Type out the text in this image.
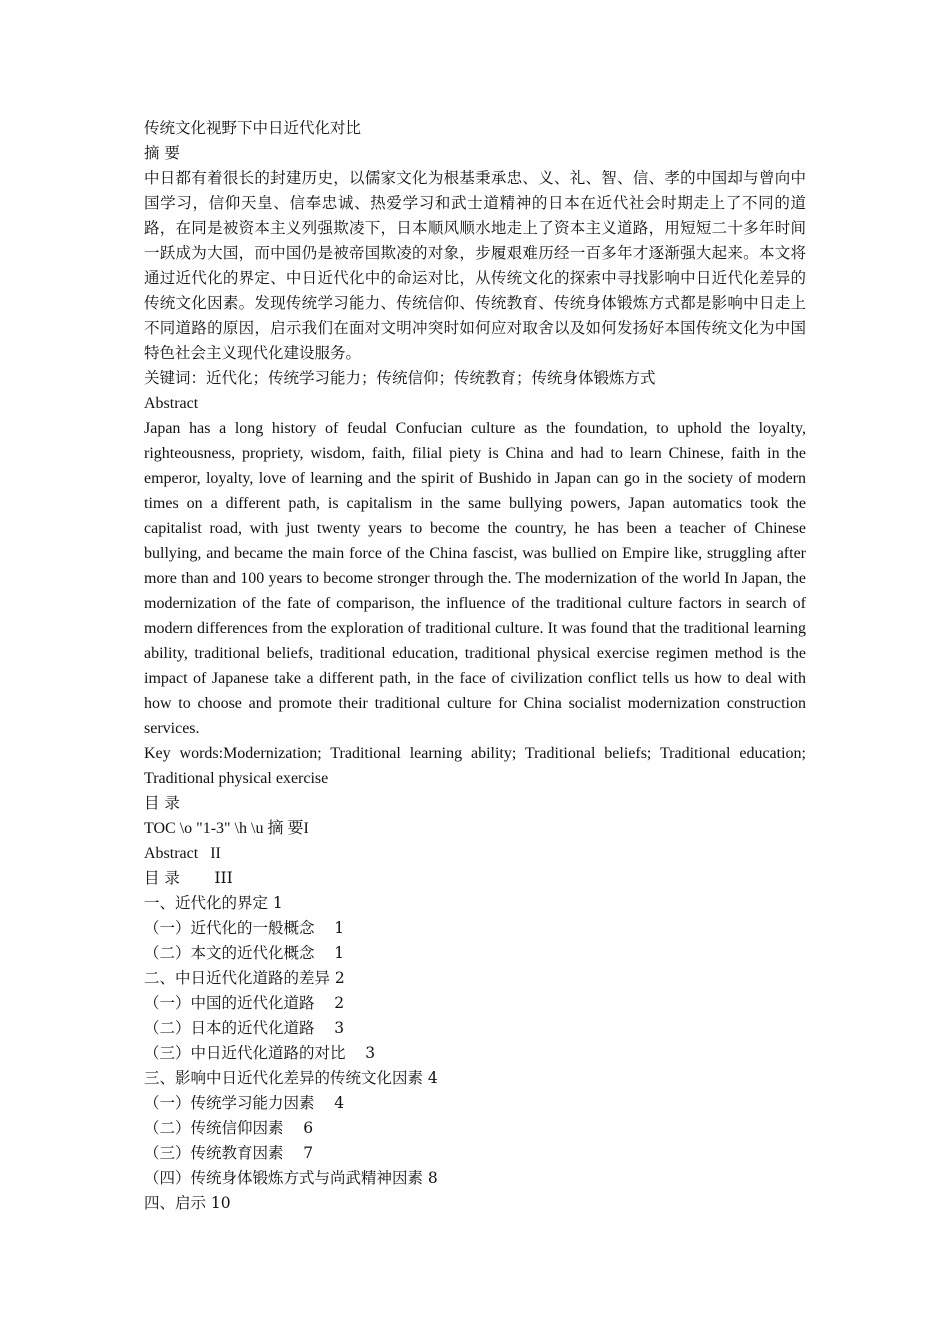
传统文化视野下中日近代化对比
摘 要
中日都有着很长的封建历史，以儒家文化为根基秉承忠、义、礼、智、信、孝的中国却与曾向中国学习，信仰天皇、信奉忠诚、热爱学习和武士道精神的日本在近代社会时期走上了不同的道路，在同是被资本主义列强欺凌下，日本顺风顺水地走上了资本主义道路，用短短二十多年时间一跃成为大国，而中国仍是被帝国欺凌的对象，步履艰难历经一百多年才逐渐强大起来。本文将通过近代化的界定、中日近代化中的命运对比，从传统文化的探索中寻找影响中日近代化差异的传统文化因素。发现传统学习能力、传统信仰、传统教育、传统身体锻炼方式都是影响中日走上不同道路的原因，启示我们在面对文明冲突时如何应对取舍以及如何发扬好本国传统文化为中国特色社会主义现代化建设服务。
关键词：近代化；传统学习能力；传统信仰；传统教育；传统身体锻炼方式
Abstract
Japan has a long history of feudal Confucian culture as the foundation, to uphold the loyalty, righteousness, propriety, wisdom, faith, filial piety is China and had to learn Chinese, faith in the emperor, loyalty, love of learning and the spirit of Bushido in Japan can go in the society of modern times on a different path, is capitalism in the same bullying powers, Japan automatics took the capitalist road, with just twenty years to become the country, he has been a teacher of Chinese bullying, and became the main force of the China fascist, was bullied on Empire like, struggling after more than and 100 years to become stronger through the. The modernization of the world In Japan, the modernization of the fate of comparison, the influence of the traditional culture factors in search of modern differences from the exploration of traditional culture. It was found that the traditional learning ability, traditional beliefs, traditional education, traditional physical exercise regimen method is the impact of Japanese take a different path, in the face of civilization conflict tells us how to deal with how to choose and promote their traditional culture for China socialist modernization construction services.
Key words:Modernization; Traditional learning ability; Traditional beliefs; Traditional education; Traditional physical exercise
目 录
TOC \o "1-3" \h \u 摘 要I
Abstract   II
目 录       III
一、近代化的界定 1
（一）近代化的一般概念    1
（二）本文的近代化概念    1
二、中日近代化道路的差异 2
（一）中国的近代化道路    2
（二）日本的近代化道路    3
（三）中日近代化道路的对比    3
三、影响中日近代化差异的传统文化因素 4
（一）传统学习能力因素    4
（二）传统信仰因素    6
（三）传统教育因素    7
（四）传统身体锻炼方式与尚武精神因素 8
四、启示 10
